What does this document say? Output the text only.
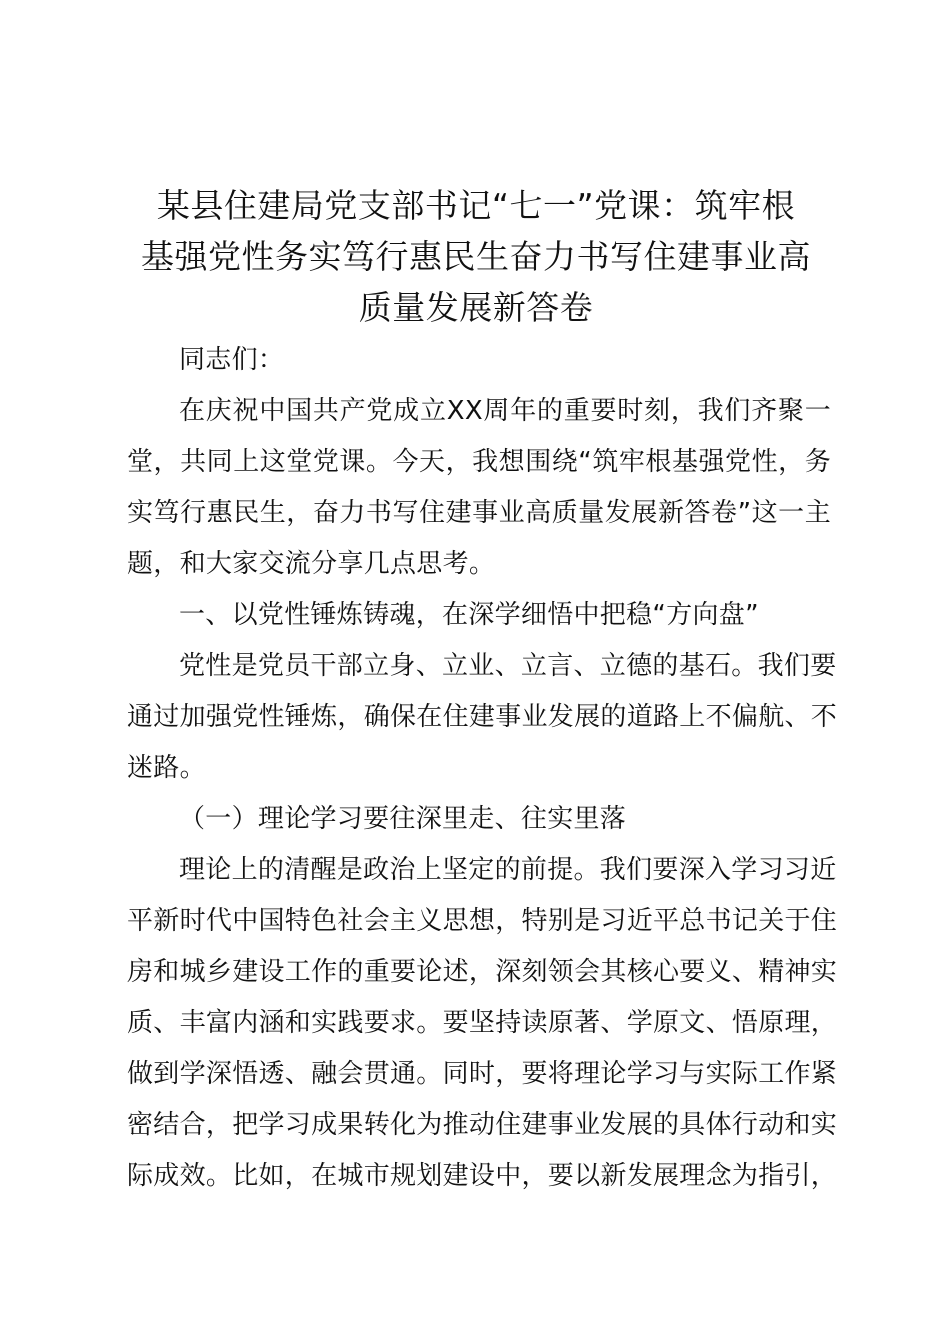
某县住建局党支部书记“七一”党课：筑牢根
基强党性务实笃行惠民生奋力书写住建事业高
质量发展新答卷

同志们：

在庆祝中国共产党成立XX周年的重要时刻，我们齐聚一
堂，共同上这堂党课。今天，我想围绕“筑牢根基强党性，务
实笃行惠民生，奋力书写住建事业高质量发展新答卷”这一主
题，和大家交流分享几点思考。

一、以党性锤炼铸魂，在深学细悟中把稳“方向盘”

党性是党员干部立身、立业、立言、立德的基石。我们要
通过加强党性锤炼，确保在住建事业发展的道路上不偏航、不
迷路。

（一）理论学习要往深里走、往实里落

理论上的清醒是政治上坚定的前提。我们要深入学习习近
平新时代中国特色社会主义思想，特别是习近平总书记关于住
房和城乡建设工作的重要论述，深刻领会其核心要义、精神实
质、丰富内涵和实践要求。要坚持读原著、学原文、悟原理，
做到学深悟透、融会贯通。同时，要将理论学习与实际工作紧
密结合，把学习成果转化为推动住建事业发展的具体行动和实
际成效。比如，在城市规划建设中，要以新发展理念为指引，
